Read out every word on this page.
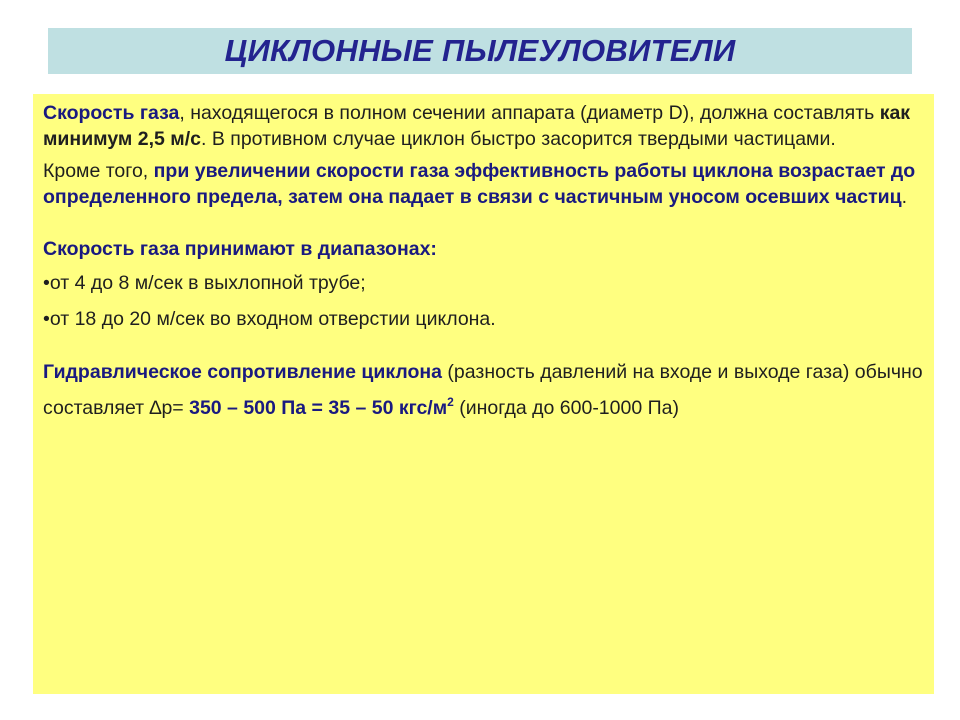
ЦИКЛОННЫЕ ПЫЛЕУЛОВИТЕЛИ

Скорость газа, находящегося в полном сечении аппарата (диаметр D), должна составлять как минимум 2,5 м/с. В противном случае циклон быстро засорится твердыми частицами.

Кроме того, при увеличении скорости газа эффективность работы циклона возрастает до определенного предела, затем она падает в связи с частичным уносом осевших частиц.

Скорость газа принимают в диапазонах:

•от 4 до 8 м/сек в выхлопной трубе;

•от 18 до 20 м/сек во входном отверстии циклона.

Гидравлическое сопротивление циклона (разность давлений на входе и выходе газа) обычно составляет ∆p= 350 – 500 Па = 35 – 50 кгс/$м^2$ (иногда до 600-1000 Па)
